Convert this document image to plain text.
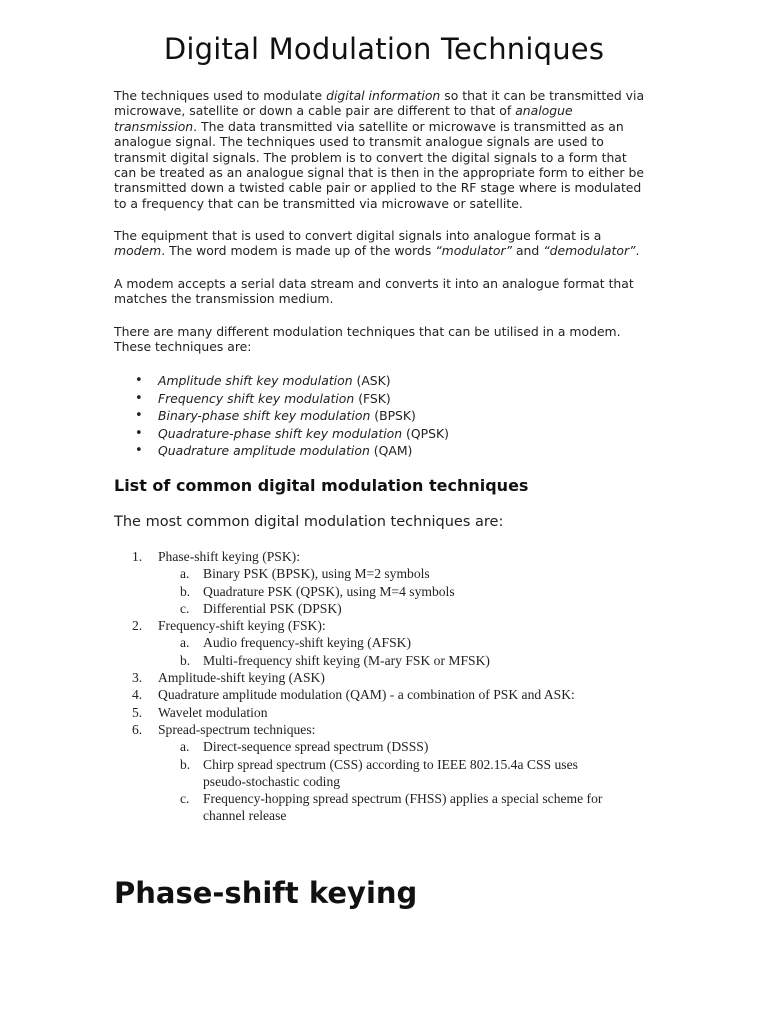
Digital Modulation Techniques

The techniques used to modulate digital information so that it can be transmitted via
microwave, satellite or down a cable pair are different to that of analogue
transmission. The data transmitted via satellite or microwave is transmitted as an
analogue signal. The techniques used to transmit analogue signals are used to
transmit digital signals. The problem is to convert the digital signals to a form that
can be treated as an analogue signal that is then in the appropriate form to either be
transmitted down a twisted cable pair or applied to the RF stage where is modulated
to a frequency that can be transmitted via microwave or satellite.

The equipment that is used to convert digital signals into analogue format is a
modem. The word modem is made up of the words “modulator” and “demodulator”.

A modem accepts a serial data stream and converts it into an analogue format that
matches the transmission medium.

There are many different modulation techniques that can be utilised in a modem.
These techniques are:

• Amplitude shift key modulation (ASK)
• Frequency shift key modulation (FSK)
• Binary-phase shift key modulation (BPSK)
• Quadrature-phase shift key modulation (QPSK)
• Quadrature amplitude modulation (QAM)
List of common digital modulation techniques

The most common digital modulation techniques are:

1.	Phase-shift keying (PSK):
a. Binary PSK (BPSK), using M=2 symbols
b. Quadrature PSK (QPSK), using M=4 symbols
c. Differential PSK (DPSK)
2.	Frequency-shift keying (FSK):
a. Audio frequency-shift keying (AFSK)
b. Multi-frequency shift keying (M-ary FSK or MFSK)
3.	Amplitude-shift keying (ASK)
4.	Quadrature amplitude modulation (QAM) - a combination of PSK and ASK:
5.	Wavelet modulation
6.	Spread-spectrum techniques:
a. Direct-sequence spread spectrum (DSSS)
b. Chirp spread spectrum (CSS) according to IEEE 802.15.4a CSS uses
pseudo-stochastic coding
c. Frequency-hopping spread spectrum (FHSS) applies a special scheme for
channel release
Phase-shift keying
